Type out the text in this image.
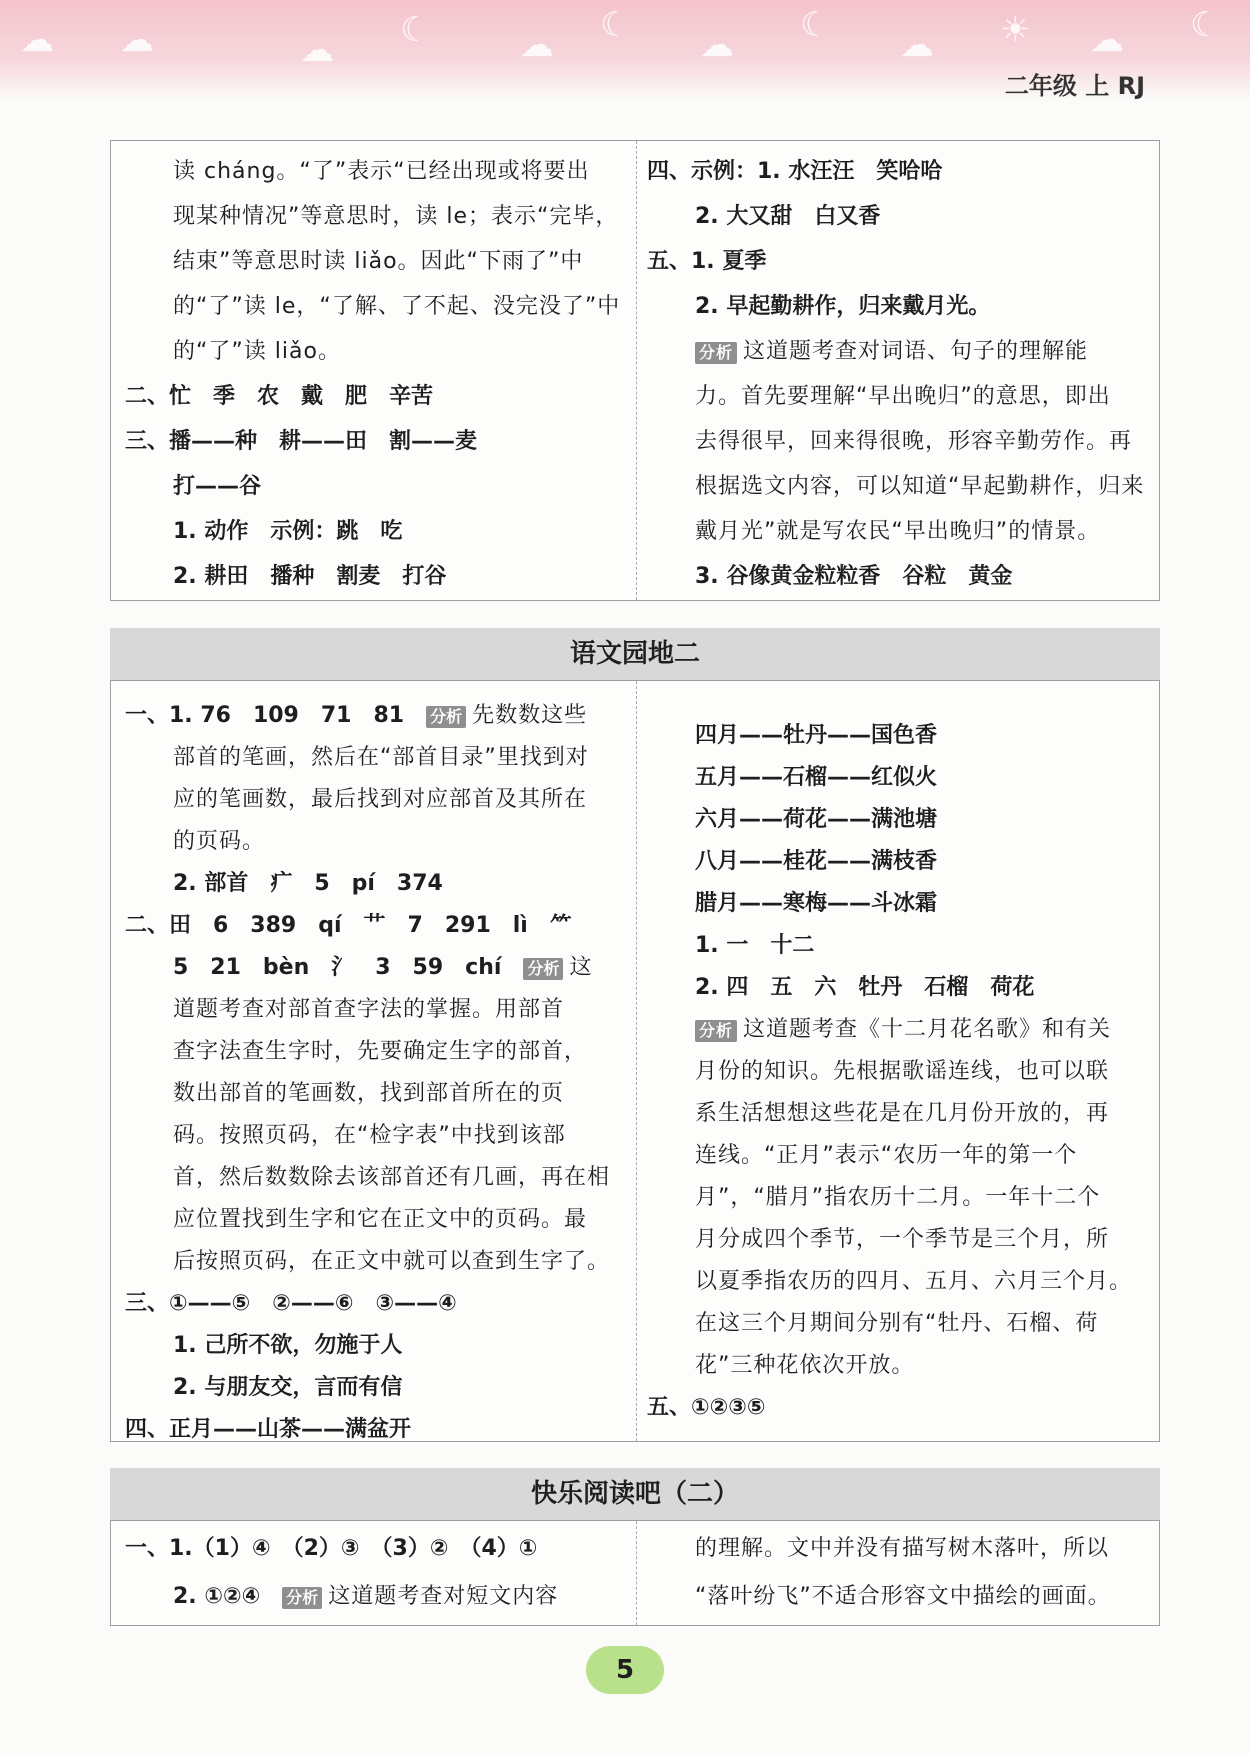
☁ ☁	☁ ☾	☁ ☾ ☁ ☾ ☁ ☀ ☁ ☾
二年级 上 RJ
读 cháng。“了”表示“已经出现或将要出
现某种情况”等意思时，读 le；表示“完毕，
结束”等意思时读 liǎo。因此“下雨了”中
的“了”读 le，“了解、了不起、没完没了”中
的“了”读 liǎo。
二、忙　季　农　戴　肥　辛苦
三、播——种　耕——田　割——麦
打——谷
1. 动作　示例：跳　吃
2. 耕田　播种　割麦　打谷
四、示例：1. 水汪汪　笑哈哈
2. 大又甜　白又香
五、1. 夏季
2. 早起勤耕作，归来戴月光。
分析 这道题考查对词语、句子的理解能
力。首先要理解“早出晚归”的意思，即出
去得很早，回来得很晚，形容辛勤劳作。再
根据选文内容，可以知道“早起勤耕作，归来
戴月光”就是写农民“早出晚归”的情景。
3. 谷像黄金粒粒香　谷粒　黄金
语文园地二
一、1. 76　109　71　81　 分析 先数数这些
部首的笔画，然后在“部首目录”里找到对
应的笔画数，最后找到对应部首及其所在
的页码。
2. 部首　疒　5　pí　374
二、田　6　389　qí　艹　7　291　lì　⺮
5　21　bèn　氵　3　59　chí　 分析 这
道题考查对部首查字法的掌握。用部首
查字法查生字时，先要确定生字的部首，
数出部首的笔画数，找到部首所在的页
码。按照页码，在“检字表”中找到该部
首，然后数数除去该部首还有几画，再在相
应位置找到生字和它在正文中的页码。最
后按照页码，在正文中就可以查到生字了。
三、①——⑤　②——⑥　③——④
1. 己所不欲，勿施于人
2. 与朋友交，言而有信
四、正月——山茶——满盆开
四月——牡丹——国色香
五月——石榴——红似火
六月——荷花——满池塘
八月——桂花——满枝香
腊月——寒梅——斗冰霜
1. 一　十二
2. 四　五　六　牡丹　石榴　荷花
分析 这道题考查《十二月花名歌》和有关
月份的知识。先根据歌谣连线，也可以联
系生活想想这些花是在几月份开放的，再
连线。“正月”表示“农历一年的第一个
月”，“腊月”指农历十二月。一年十二个
月分成四个季节，一个季节是三个月，所
以夏季指农历的四月、五月、六月三个月。
在这三个月期间分别有“牡丹、石榴、荷
花”三种花依次开放。
五、①②③⑤
快乐阅读吧（二）
一、1.（1）④　（2）③　（3）②　（4）①
2. ①②④　 分析 这道题考查对短文内容
的理解。文中并没有描写树木落叶，所以
“落叶纷飞”不适合形容文中描绘的画面。
5
